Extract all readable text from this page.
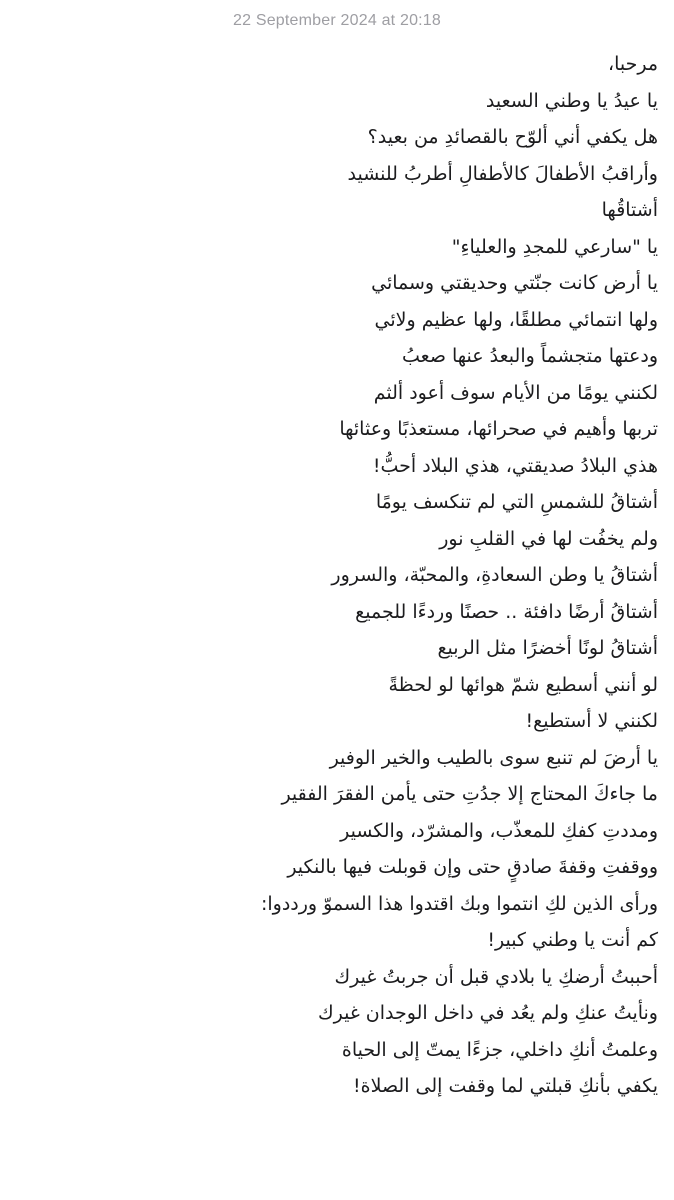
22 September 2024 at 20:18
مرحبا،
يا عيدُ يا وطني السعيد
هل يكفي أني ألوّح بالقصائدِ من بعيد؟
وأراقبُ الأطفالَ كالأطفالِ أطربُ للنشيد
أشتاقُها
يا "سارعي للمجدِ والعلياءِ"
يا أرض كانت جنّتي وحديقتي وسمائي
ولها انتمائي مطلقًا، ولها عظيم ولائي
ودعتها متجشماً والبعدُ عنها صعبُ
لكنني يومًا من الأيام سوف أعود ألثم
تربها وأهيم في صحرائها، مستعذبًا وعثائها
هذي البلادُ صديقتي، هذي البلاد أحبُّ!
أشتاقُ للشمسِ التي لم تنكسف يومًا
ولم يخفُت لها في القلبِ نور
أشتاقُ يا وطن السعادةِ، والمحبّة، والسرور
أشتاقُ أرضًا دافئة .. حصنًا وردءًا للجميع
أشتاقُ لونًا أخضرًا مثل الربيع
لو أنني أسطيع شمّ هوائها لو لحظةً
لكنني لا أستطيع!
يا أرضَ لم تنبع سوى بالطيب والخير الوفير
ما جاءكَ المحتاج إلا جدُتِ حتى يأمن الفقرَ الفقير
ومددتِ كفكِ للمعذّب، والمشرّد، والكسير
ووقفتِ وقفةَ صادقٍ حتى وإن قوبلت فيها بالنكير
ورأى الذين لكِ انتموا وبك اقتدوا هذا السموّ ورددوا:
كم أنت يا وطني كبير!
أحببتُ أرضكِ يا بلادي قبل أن جربتُ غيرك
ونأيتُ عنكِ ولم يعُد في داخل الوجدان غيرك
وعلمتُ أنكِ داخلي، جزءًا يمتّ إلى الحياة
يكفي بأنكِ قبلتي لما وقفت إلى الصلاة!
